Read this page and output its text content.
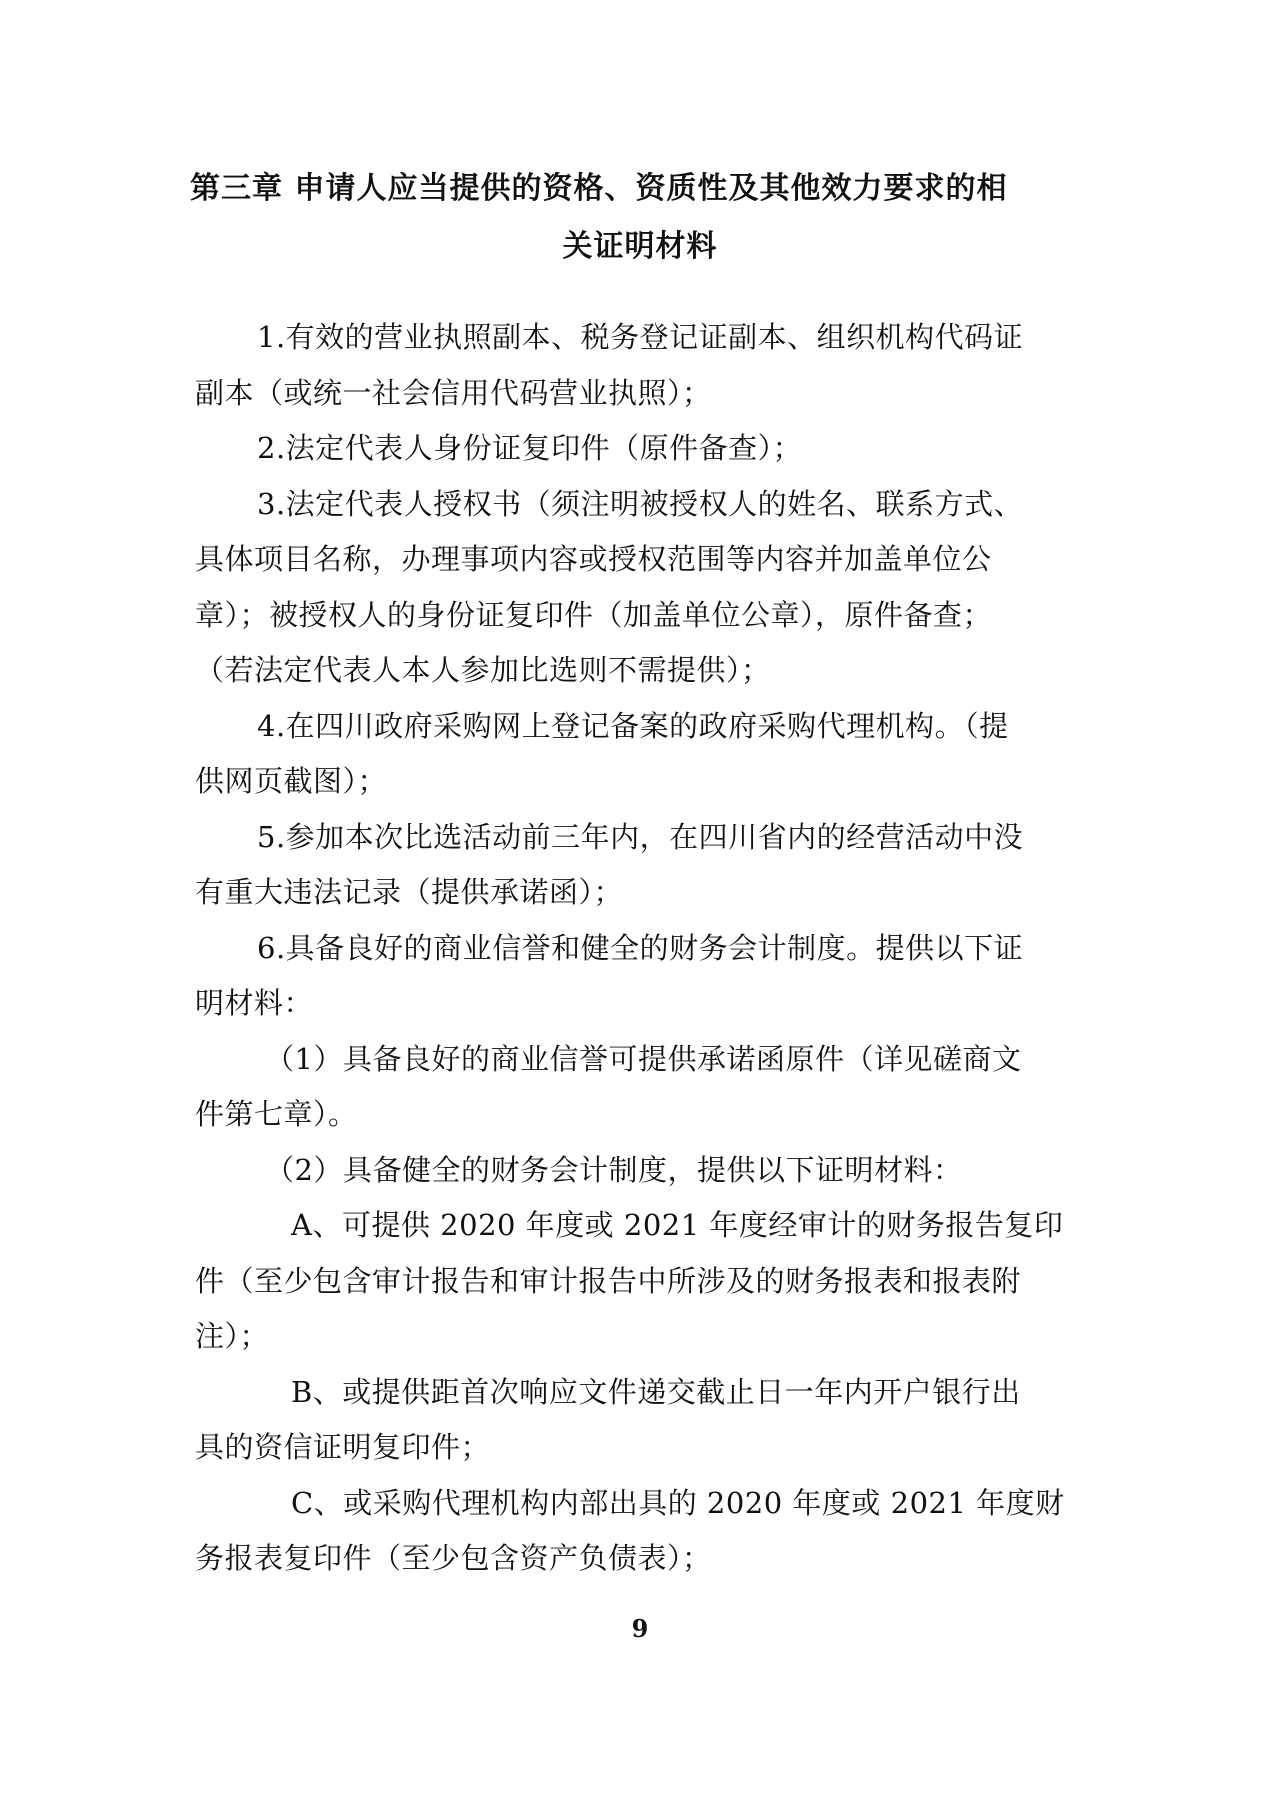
第三章 申请人应当提供的资格、资质性及其他效力要求的相
关证明材料
1.有效的营业执照副本、税务登记证副本、组织机构代码证
副本（或统一社会信用代码营业执照）；
2.法定代表人身份证复印件（原件备查）；
3.法定代表人授权书（须注明被授权人的姓名、联系方式、
具体项目名称，办理事项内容或授权范围等内容并加盖单位公
章）；被授权人的身份证复印件（加盖单位公章），原件备查；
（若法定代表人本人参加比选则不需提供）；
4.在四川政府采购网上登记备案的政府采购代理机构。（提
供网页截图）；
5.参加本次比选活动前三年内，在四川省内的经营活动中没
有重大违法记录（提供承诺函）；
6.具备良好的商业信誉和健全的财务会计制度。提供以下证
明材料：
（1）具备良好的商业信誉可提供承诺函原件（详见磋商文
件第七章）。
（2）具备健全的财务会计制度，提供以下证明材料：
A、可提供 2020 年度或 2021 年度经审计的财务报告复印
件（至少包含审计报告和审计报告中所涉及的财务报表和报表附
注）；
B、或提供距首次响应文件递交截止日一年内开户银行出
具的资信证明复印件；
C、或采购代理机构内部出具的 2020 年度或 2021 年度财
务报表复印件（至少包含资产负债表）；
9
